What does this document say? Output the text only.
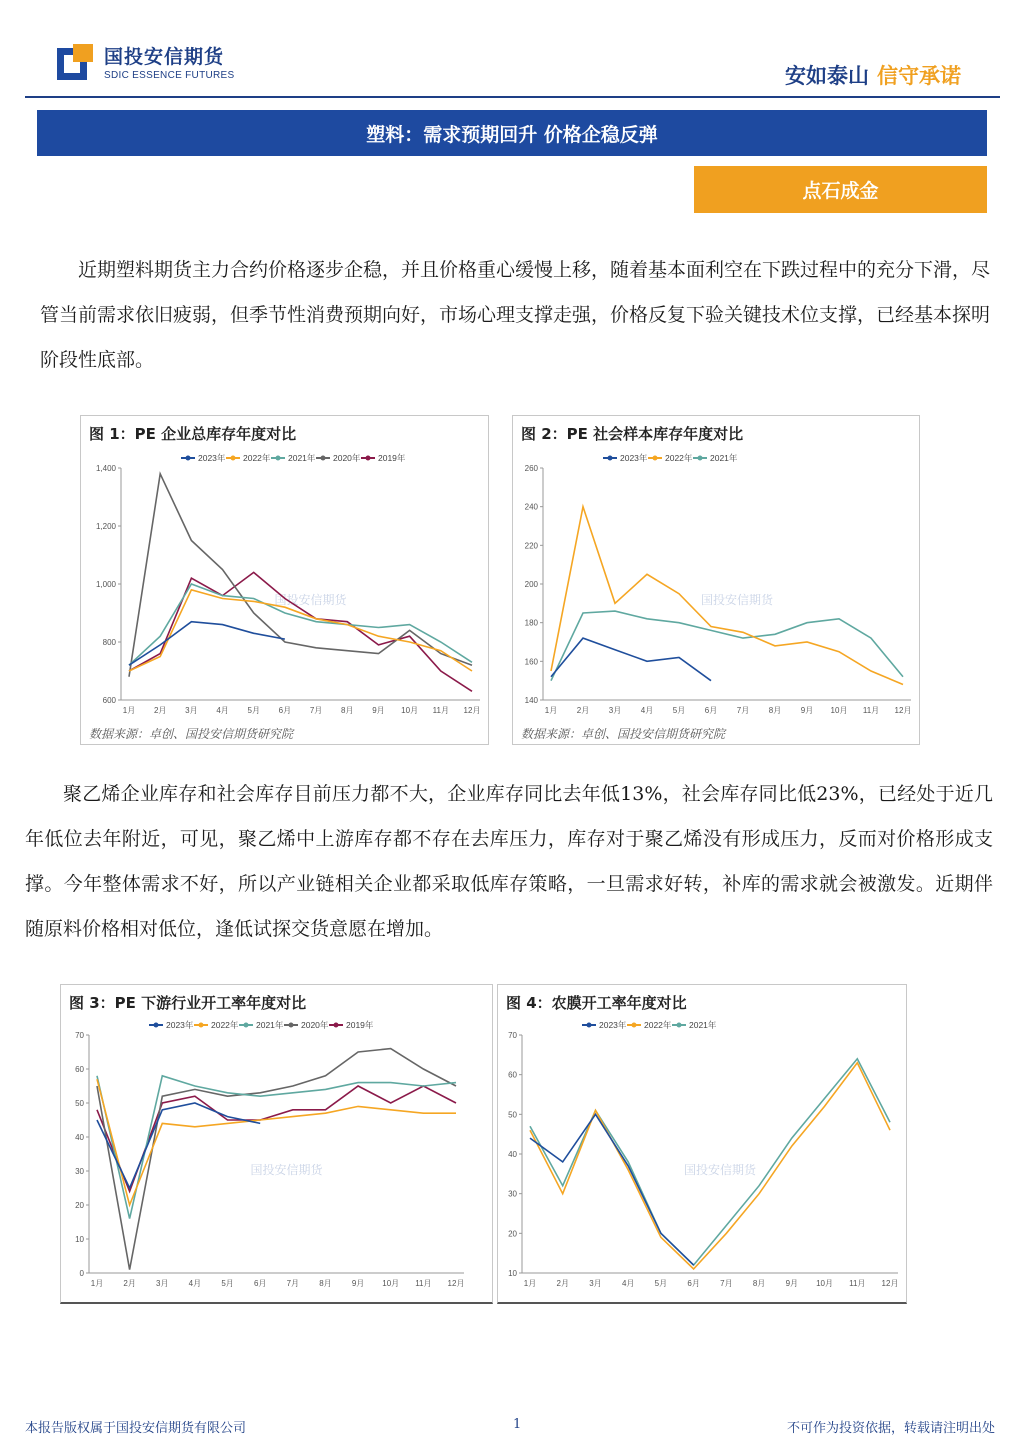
国投安信期货
SDIC ESSENCE FUTURES	安如泰山 信守承诺
塑料：需求预期回升 价格企稳反弹
点石成金
近期塑料期货主力合约价格逐步企稳，并且价格重心缓慢上移，随着基本面利空在下跌过程中的充分下滑，尽管当前需求依旧疲弱，但季节性消费预期向好，市场心理支撑走强，价格反复下验关键技术位支撑，已经基本探明阶段性底部。
图 1：PE 企业总库存年度对比
1,400
1,200
1,000
800
600
1月 2月 3月 4月 5月 6月 7月 8月 9月 10月 11月 12月
国投安信期货
2023年 2022年 2021年 2020年 2019年
数据来源：卓创、国投安信期货研究院
图 2：PE 社会样本库存年度对比
260
240
220
200
180
160
140
1月 2月 3月 4月 5月 6月 7月 8月 9月 10月 11月 12月
国投安信期货
2023年 2022年 2021年
数据来源：卓创、国投安信期货研究院
聚乙烯企业库存和社会库存目前压力都不大，企业库存同比去年低13%，社会库存同比低23%，已经处于近几年低位去年附近，可见，聚乙烯中上游库存都不存在去库压力，库存对于聚乙烯没有形成压力，反而对价格形成支撑。今年整体需求不好，所以产业链相关企业都采取低库存策略，一旦需求好转，补库的需求就会被激发。近期伴随原料价格相对低位，逢低试探交货意愿在增加。
图 3：PE 下游行业开工率年度对比
70
60
50
40
30
20
10
0
1月	2月	3月	4月	5月	6月	7月	8月	9月 10月 11月 12月
国投安信期货
2023年 2022年 2021年 2020年 2019年
图 4：农膜开工率年度对比
70
60
50
40
30
20
10
1月	2月	3月	4月	5月	6月	7月	8月	9月 10月 11月 12月
国投安信期货
2023年 2022年 2021年
本报告版权属于国投安信期货有限公司	1	不可作为投资依据，转载请注明出处
